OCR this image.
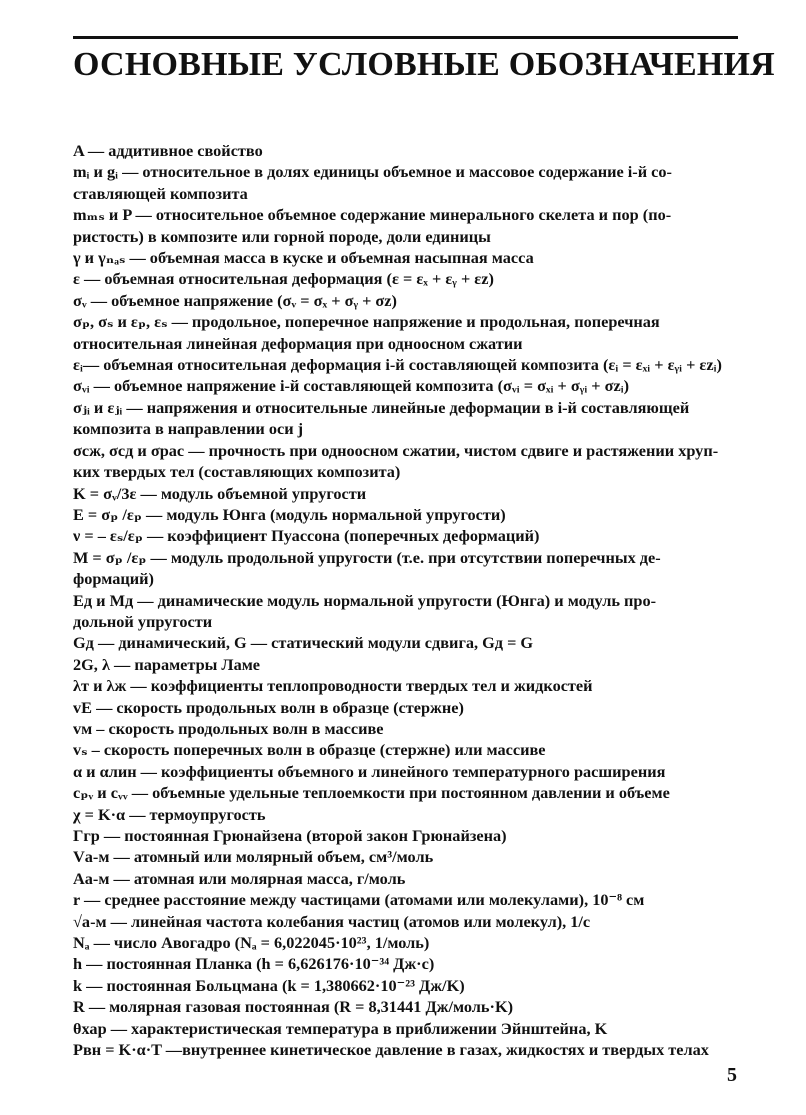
ОСНОВНЫЕ УСЛОВНЫЕ ОБОЗНАЧЕНИЯ
A — аддитивное свойство
mᵢ и gᵢ — относительное в долях единицы объемное и массовое содержание i-й со-
ставляющей композита
mₘₛ и P — относительное объемное содержание минерального скелета и пор (по-
ристость) в композите или горной породе, доли единицы
γ и γₙₐₛ — объемная масса в куске и объемная насыпная масса
ε — объемная относительная деформация (ε = εₓ + εᵧ + εz)
σᵥ — объемное напряжение (σᵥ = σₓ + σᵧ + σz)
σₚ, σₛ и εₚ, εₛ — продольное, поперечное напряжение и продольная, поперечная
относительная линейная деформация при одноосном сжатии
εᵢ— объемная относительная деформация i-й составляющей композита (εᵢ = εₓᵢ + εᵧᵢ + εzᵢ)
σᵥᵢ — объемное напряжение i-й составляющей композита (σᵥᵢ = σₓᵢ + σᵧᵢ + σzᵢ)
σⱼᵢ и εⱼᵢ — напряжения и относительные линейные деформации в i-й составляющей
композита в направлении оси j
σсж, σсд и σрас — прочность при одноосном сжатии, чистом сдвиге и растяжении хруп-
ких твердых тел (составляющих композита)
K = σᵥ/3ε — модуль объемной упругости
E = σₚ /εₚ — модуль Юнга (модуль нормальной упругости)
ν = – εₛ/εₚ — коэффициент Пуассона (поперечных деформаций)
M = σₚ /εₚ — модуль продольной упругости (т.е. при отсутствии поперечных де-
формаций)
Eд и Mд — динамические модуль нормальной упругости (Юнга) и модуль про-
дольной упругости
Gд — динамический, G — статический модули сдвига, Gд = G
2G, λ — параметры Ламе
λт и λж — коэффициенты теплопроводности твердых тел и жидкостей
vE — скорость продольных волн в образце (стержне)
vм – скорость продольных волн в массиве
vₛ – скорость поперечных волн в образце (стержне) или массиве
α и αлин — коэффициенты объемного и линейного температурного расширения
cₚᵥ и cᵥᵥ — объемные удельные теплоемкости при постоянном давлении и объеме
χ = K·α — термоупругость
Γгр — постоянная Грюнайзена (второй закон Грюнайзена)
Vа-м — атомный или молярный объем, см³/моль
Aа-м — атомная или молярная масса, г/моль
r — среднее расстояние между частицами (атомами или молекулами), 10⁻⁸ см
√а-м — линейная частота колебания частиц (атомов или молекул), 1/с
Nₐ — число Авогадро (Nₐ = 6,022045·10²³, 1/моль)
h — постоянная Планка (h = 6,626176·10⁻³⁴ Дж·с)
k — постоянная Больцмана (k = 1,380662·10⁻²³ Дж/K)
R — молярная газовая постоянная (R = 8,31441 Дж/моль·K)
θхар — характеристическая температура в приближении Эйнштейна, K
Pвн = K·α·T —внутреннее кинетическое давление в газах, жидкостях и твердых телах
5
